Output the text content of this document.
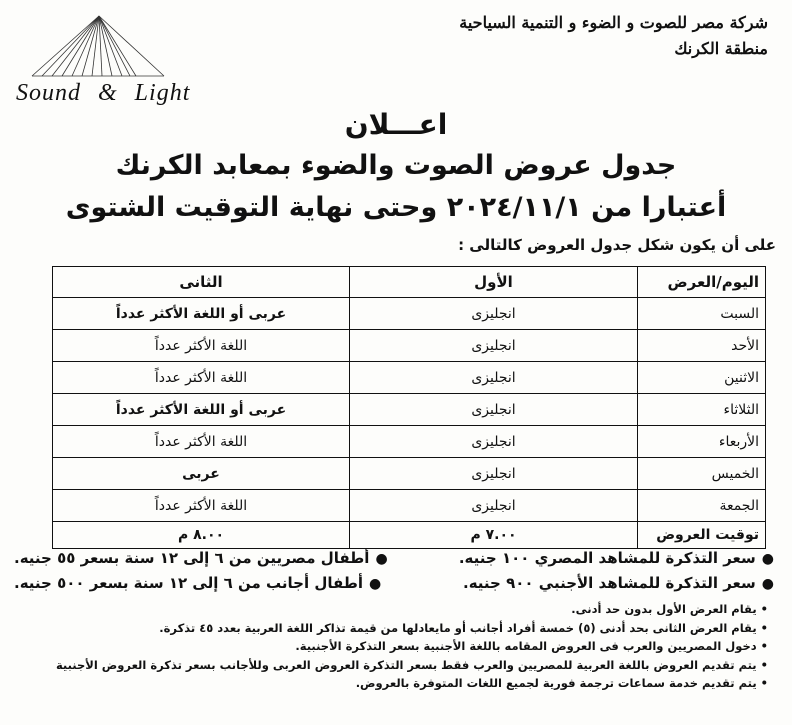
شركة مصر للصوت و الضوء و التنمية السياحية
منطقة الكرنك
Sound & Light
اعـــلان
جدول عروض الصوت والضوء بمعابد الكرنك
أعتبارا من ٢٠٢٤/١١/١ وحتى نهاية التوقيت الشتوى
على أن يكون شكل جدول العروض كالتالى :
اليوم/العرض	الأول	الثانى
السبت	انجليزى	عربى أو اللغة الأكثر عدداً
الأحد	انجليزى	اللغة الأكثر عدداً
الاثنين	انجليزى	اللغة الأكثر عدداً
الثلاثاء	انجليزى	عربى أو اللغة الأكثر عدداً
الأربعاء	انجليزى	اللغة الأكثر عدداً
الخميس	انجليزى	عربى
الجمعة	انجليزى	اللغة الأكثر عدداً
توقيت العروض	٧.٠٠ م	٨.٠٠ م
●سعر التذكرة للمشاهد المصري ١٠٠ جنيه.
●أطفال مصريين من ٦ إلى ١٢ سنة بسعر ٥٥ جنيه.
●سعر التذكرة للمشاهد الأجنبي ٩٠٠ جنيه.
●أطفال أجانب من ٦ إلى ١٢ سنة بسعر ٥٠٠ جنيه.
• يقام العرض الأول بدون حد أدنى.
• يقام العرض الثانى بحد أدنى (٥) خمسة أفراد أجانب أو مايعادلها من قيمة تذاكر اللغة العربية بعدد ٤٥ تذكرة.
• دخول المصريين والعرب فى العروض المقامه باللغة الأجنبية بسعر التذكرة الأجنبية.
• يتم تقديم العروض باللغة العربية للمصريين والعرب فقط بسعر التذكرة العروض العربى وللأجانب بسعر تذكرة العروض الأجنبية
• يتم تقديم خدمة سماعات ترجمة فورية لجميع اللغات المتوفرة بالعروض.
